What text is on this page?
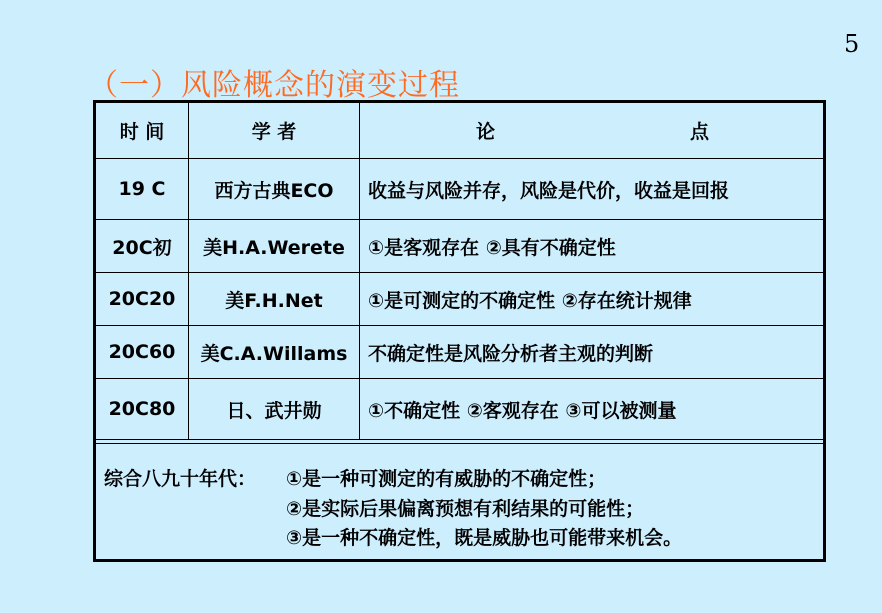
5
（一）风险概念的演变过程
时 间	学 者	论 点

19 C	西方古典ECO	收益与风险并存，风险是代价，收益是回报
20C初	美H.A.Werete	①是客观存在 ②具有不确定性
20C20	美F.H.Net	①是可测定的不确定性 ②存在统计规律
20C60	美C.A.Willams	不确定性是风险分析者主观的判断
20C80	日、武井勋	①不确定性 ②客观存在 ③可以被测量
综合八九十年代： ①是一种可测定的有威胁的不确定性；
②是实际后果偏离预想有利结果的可能性；
③是一种不确定性，既是威胁也可能带来机会。
